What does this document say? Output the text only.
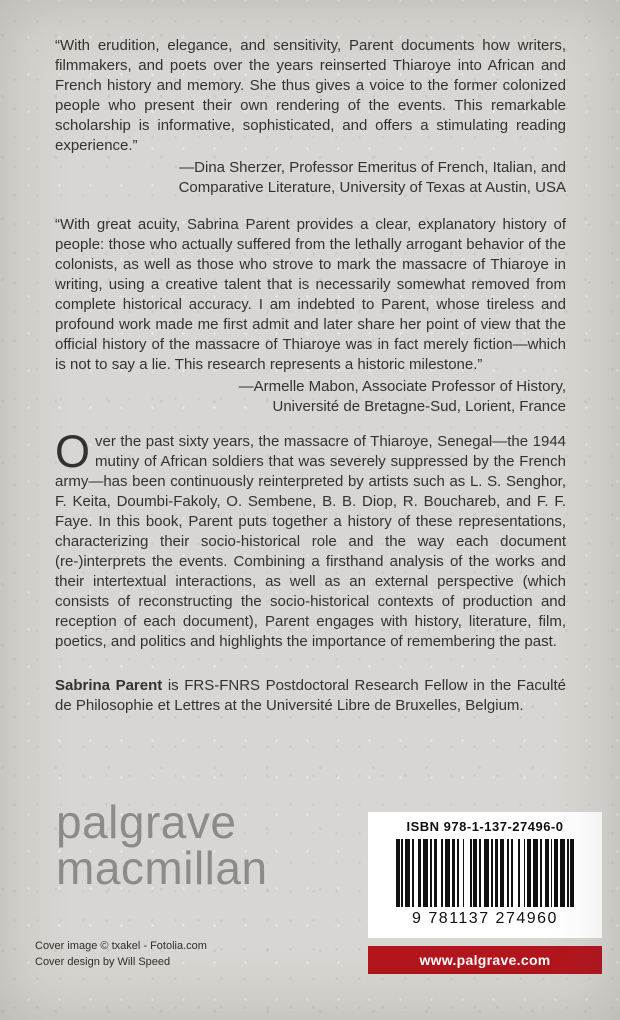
“With erudition, elegance, and sensitivity, Parent documents how writers, filmmakers, and poets over the years reinserted Thiaroye into African and French history and memory. She thus gives a voice to the former colonized people who present their own rendering of the events. This remarkable scholarship is informative, sophisticated, and offers a stimulating reading experience.”

—Dina Sherzer, Professor Emeritus of French, Italian, and
Comparative Literature, University of Texas at Austin, USA

“With great acuity, Sabrina Parent provides a clear, explanatory history of people: those who actually suffered from the lethally arrogant behavior of the colonists, as well as those who strove to mark the massacre of Thiaroye in writing, using a creative talent that is necessarily somewhat removed from complete historical accuracy. I am indebted to Parent, whose tireless and profound work made me first admit and later share her point of view that the official history of the massacre of Thiaroye was in fact merely fiction—which is not to say a lie. This research represents a historic milestone.”

—Armelle Mabon, Associate Professor of History,
Université de Bretagne-Sud, Lorient, France

Over the past sixty years, the massacre of Thiaroye, Senegal—the 1944 mutiny of African soldiers that was severely suppressed by the French army—has been continuously reinterpreted by artists such as L. S. Senghor, F. Keita, Doumbi-Fakoly, O. Sembene, B. B. Diop, R. Bouchareb, and F. F. Faye. In this book, Parent puts together a history of these representations, characterizing their socio-historical role and the way each document (re-)interprets the events. Combining a firsthand analysis of the works and their intertextual interactions, as well as an external perspective (which consists of reconstructing the socio-historical contexts of production and reception of each document), Parent engages with history, literature, film, poetics, and politics and highlights the importance of remembering the past.

Sabrina Parent is FRS-FNRS Postdoctoral Research Fellow in the Faculté de Philosophie et Lettres at the Université Libre de Bruxelles, Belgium.

palgrave
macmillan
ISBN 978-1-137-27496-0
9 781137 274960
www.palgrave.com
Cover image © txakel - Fotolia.com
Cover design by Will Speed
